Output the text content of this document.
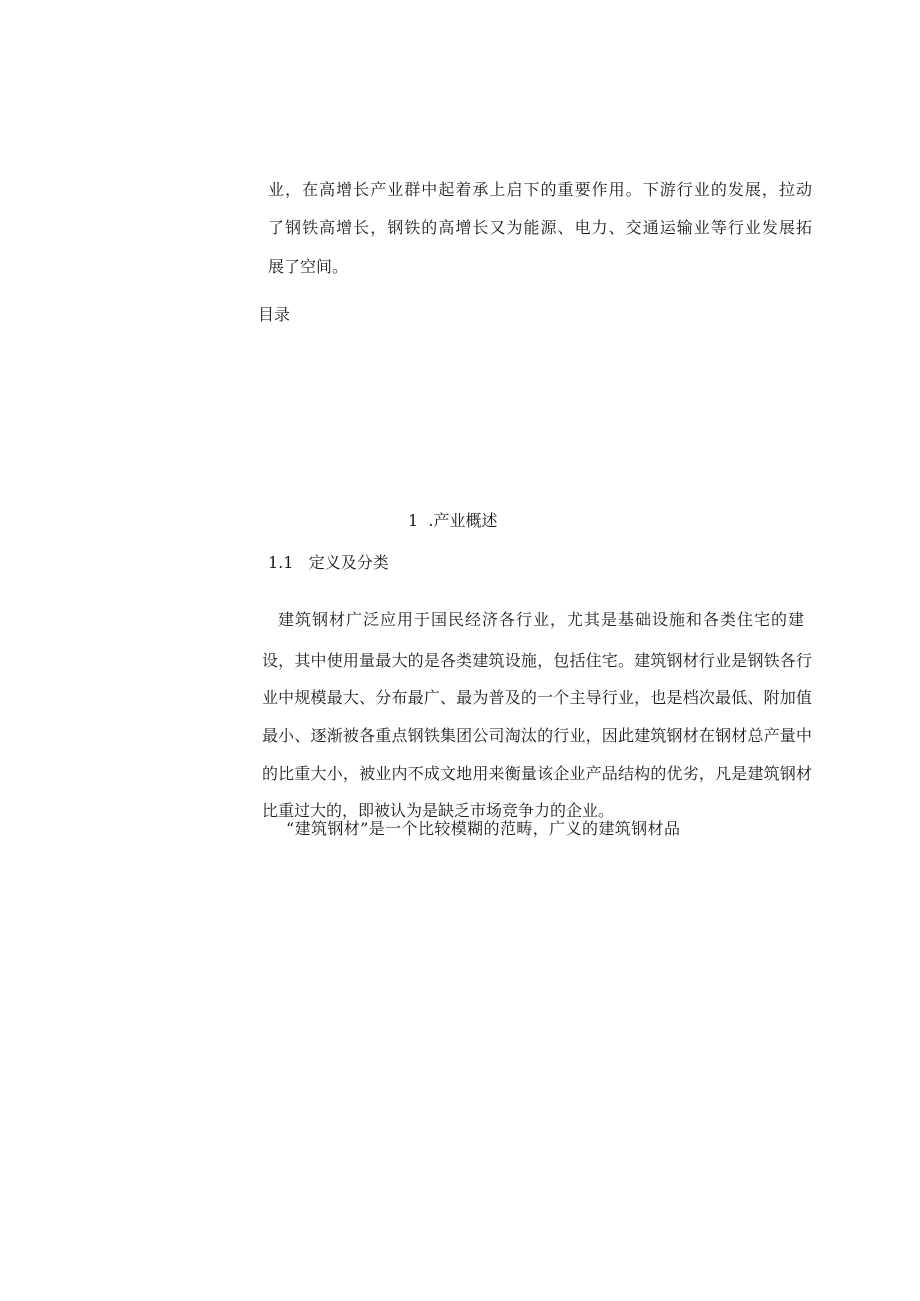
业，在高增长产业群中起着承上启下的重要作用。下游行业的发展，拉动
了钢铁高增长，钢铁的高增长又为能源、电力、交通运输业等行业发展拓
展了空间。
目录
1  .产业概述
1.1   定义及分类
建筑钢材广泛应用于国民经济各行业，尤其是基础设施和各类住宅的建
设，其中使用量最大的是各类建筑设施，包括住宅。建筑钢材行业是钢铁各行
业中规模最大、分布最广、最为普及的一个主导行业，也是档次最低、附加值
最小、逐渐被各重点钢铁集团公司淘汰的行业，因此建筑钢材在钢材总产量中
的比重大小，被业内不成文地用来衡量该企业产品结构的优劣，凡是建筑钢材
比重过大的，即被认为是缺乏市场竞争力的企业。
“建筑钢材”是一个比较模糊的范畴，广义的建筑钢材品
